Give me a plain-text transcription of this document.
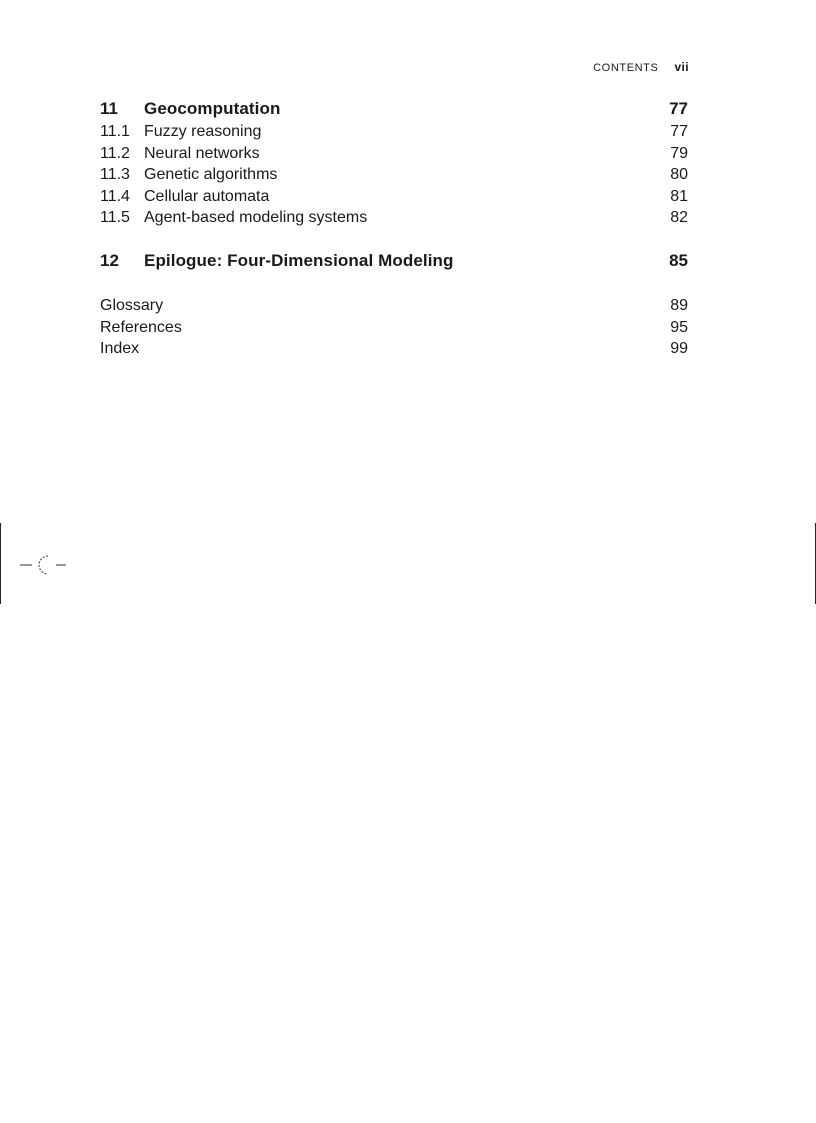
CONTENTS vii
11	Geocomputation	77
11.1 Fuzzy reasoning	77
11.2 Neural networks	79
11.3 Genetic algorithms	80
11.4 Cellular automata	81
11.5 Agent-based modeling systems	82
12	Epilogue: Four-Dimensional Modeling	85
Glossary	89
References	95
Index	99
